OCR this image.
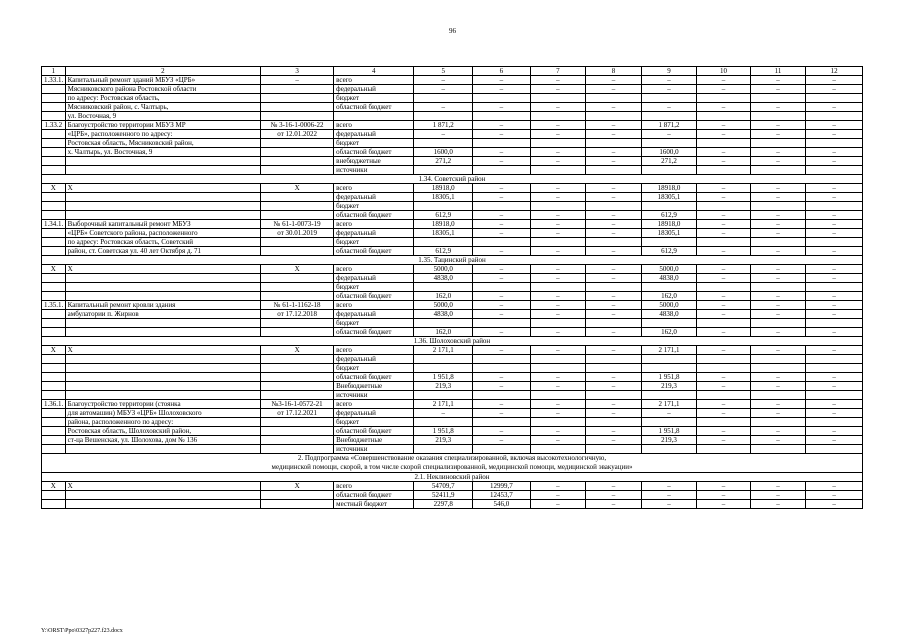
96
1	2	3	4	5	6	7	8	9	10	11	12
1.33.1.	Капитальный ремонт зданий МБУЗ «ЦРБ»	–	всего	–	–	–	–	–	–	–	–
	Мясниковского района Ростовской области		федеральный	–	–	–	–	–	–	–	–
	по адресу: Ростовская область,		бюджет								
	Мясниковский район, с. Чалтырь,		областной бюджет	–	–	–	–	–	–	–	–
	ул. Восточная, 9										
1.33.2	Благоустройство территории МБУЗ МР	№ 3-16-1-0006-22	всего	1 871,2	–	–	–	1 871,2	–	–	–
	«ЦРБ», расположенного по адресу:	от 12.01.2022	федеральный	–	–	–	–	–	–	–	–
	Ростовская область, Мясниковский район,		бюджет								
	х. Чалтырь, ул. Восточная, 9		областной бюджет	1600,0	–	–	–	1600,0	–	–	–
			внебюджетные	271,2	–	–	–	271,2	–	–	–
			источники								

1.34. Советский район											

X	X	X	всего	18918,0	–	–	–	18918,0	–	–	–
			федеральный	18305,1	–	–	–	18305,1	–	–	–
			бюджет								
			областной бюджет	612,9	–	–	–	612,9	–	–	–
1.34.1.	Выборочный капитальный ремонт МБУЗ	№ 61-1-0073-19	всего	18918,0	–	–	–	18918,0	–	–	–
	«ЦРБ» Советского района, расположенного	от 30.01.2019	федеральный	18305,1	–	–	–	18305,1	–	–	–
	по адресу: Ростовская область, Советский		бюджет								
	район, ст. Советская ул. 40 лет Октября д. 71		областной бюджет	612,9	–	–	–	612,9	–	–	–

1.35. Тацинский район											

X	X	X	всего	5000,0	–	–	–	5000,0	–	–	–
			федеральный	4838,0	–	–	–	4838,0	–	–	–
			бюджет								
			областной бюджет	162,0	–	–	–	162,0	–	–	–
1.35.1.	Капитальный ремонт кровли здания	№ 61-1-1162-18	всего	5000,0	–	–	–	5000,0	–	–	–
	амбулатории п. Жирнов	от 17.12.2018	федеральный	4838,0	–	–	–	4838,0	–	–	–
			бюджет								
			областной бюджет	162,0	–	–	–	162,0	–	–	–

1.36. Шолоховский район											

X	X	X	всего	2 171,1	–	–	–	2 171,1	–	–	–
			федеральный								
			бюджет								
			областной бюджет	1 951,8	–	–	–	1 951,8	–	–	–
			Внебюджетные	219,3	–	–	–	219,3	–	–	–
			источники								
1.36.1.	Благоустройство территории (стоянка	№3-16-1-0572-21	всего	2 171,1	–	–	–	2 171,1	–	–	–
	для автомашин) МБУЗ «ЦРБ» Шолоховского	от 17.12.2021	федеральный	–	–	–	–	–	–	–	–
	района, расположенного по адресу:		бюджет								
	Ростовская область, Шолоховский район,		областной бюджет	1 951,8	–	–	–	1 951,8	–	–	–
	ст-ца Вешенская, ул. Шолохова, дом № 136		Внебюджетные	219,3	–	–	–	219,3	–	–	–
			источники								

2. Подпрограмма «Совершенствование оказания специализированной, включая высокотехнологичную,
медицинской помощи, скорой, в том числе скорой специализированной, медицинской помощи, медицинской эвакуации»											

2.1. Неклиновский район											

X	X	X	всего	54709,7	12999,7	–	–	–	–	–	–
			областной бюджет	52411,9	12453,7	–	–	–	–	–	–
			местный бюджет	2297,8	546,0	–	–	–	–	–	–
Y:\ORST\Ppo\0327p227.f23.docx
